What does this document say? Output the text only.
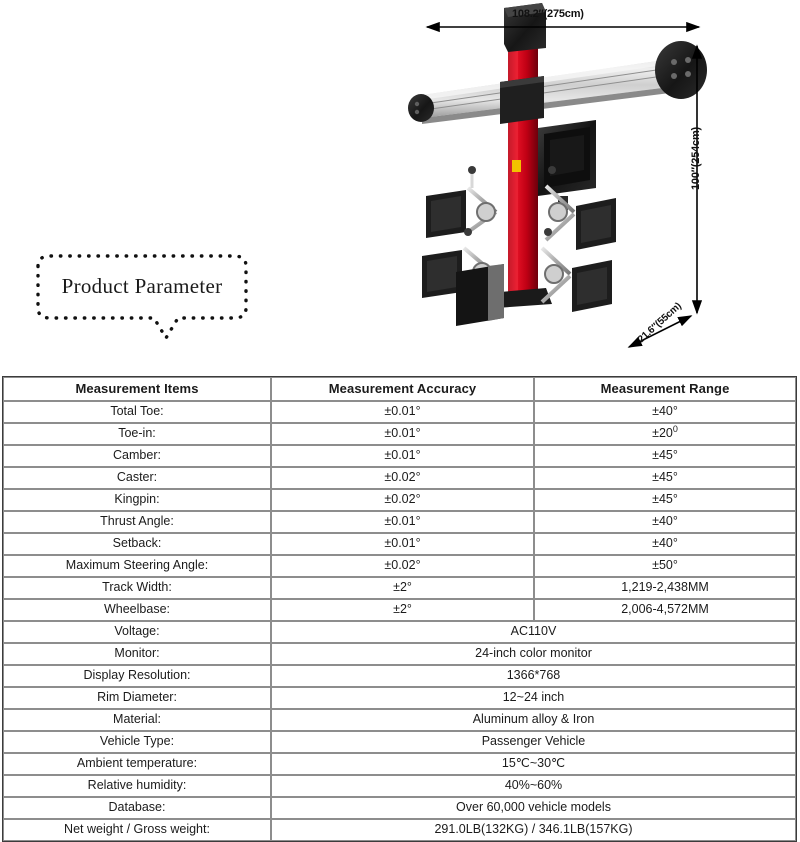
108.2″(275cm)
100″(254cm)
21.6″(55cm)
Product Parameter
Measurement Items	Measurement Accuracy	Measurement Range
Total Toe:	±0.01°	±40°
Toe-in:	±0.01°	$\pm 20^0$
Camber:	±0.01°	±45°
Caster:	±0.02°	±45°
Kingpin:	±0.02°	±45°
Thrust Angle:	±0.01°	±40°
Setback:	±0.01°	±40°
Maximum Steering Angle:	±0.02°	±50°
Track Width:	±2°	1,219-2,438MM
Wheelbase:	±2°	2,006-4,572MM
Voltage:	AC110V	
Monitor:	24-inch color monitor	
Display Resolution:	1366*768	
Rim Diameter:	12~24 inch	
Material:	Aluminum alloy & Iron	
Vehicle Type:	Passenger Vehicle	
Ambient temperature:	15℃~30℃	
Relative humidity:	40%~60%	
Database:	Over 60,000 vehicle models	
Net weight / Gross weight:	291.0LB(132KG) / 346.1LB(157KG)	
